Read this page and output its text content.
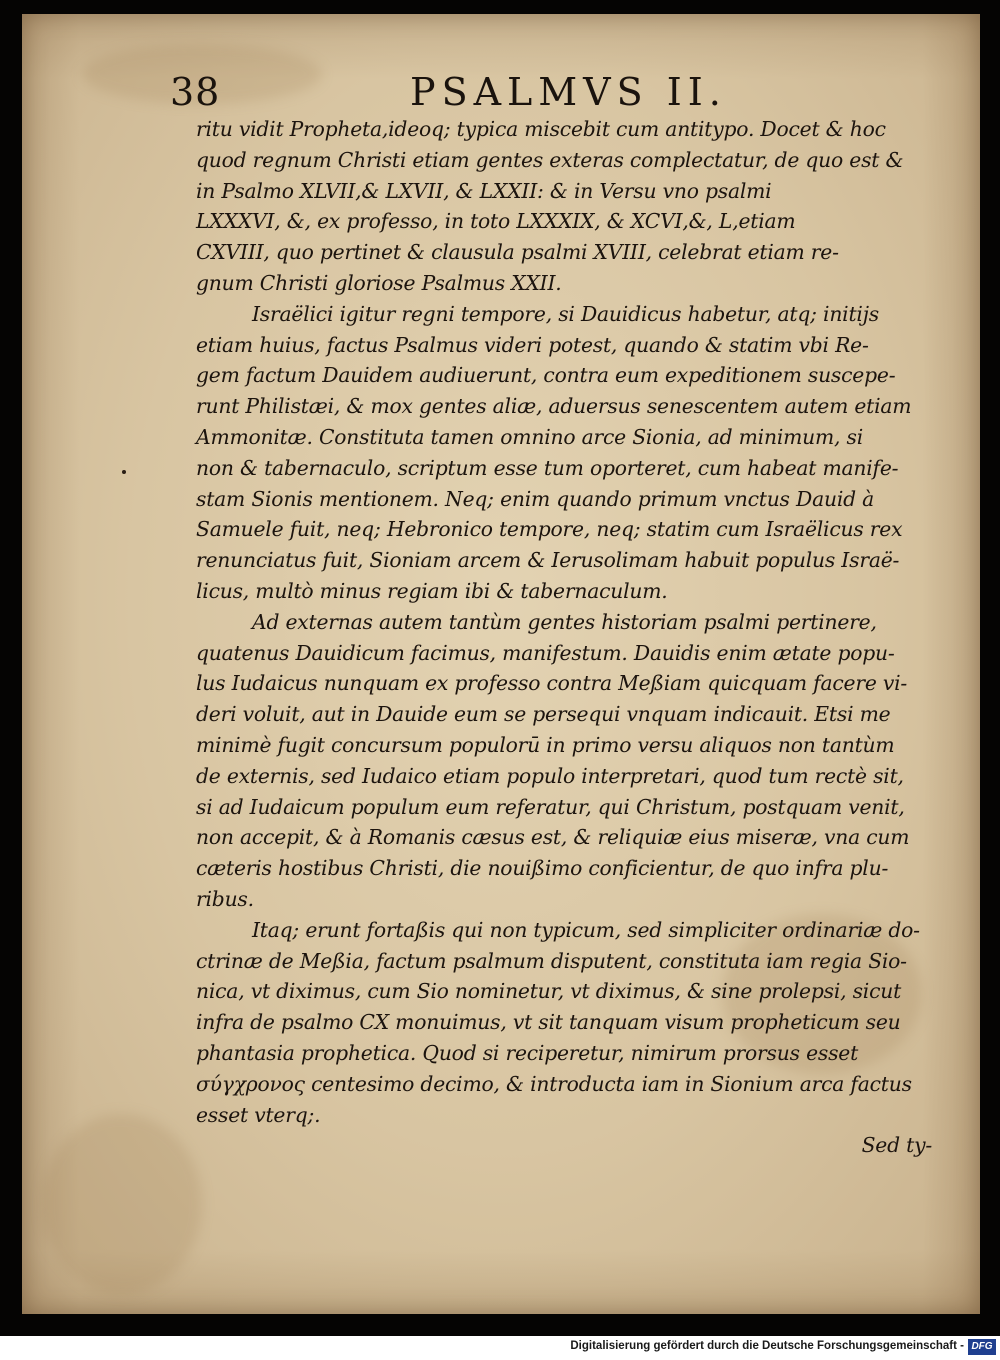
38	PSALMVS II.
ritu vidit Propheta,ideoq; typica miscebit cum antitypo. Docet & hoc
quod regnum Christi etiam gentes exteras complectatur, de quo est &
in Psalmo XLVII,& LXVII, & LXXII: & in Versu vno psalmi
LXXXVI, &, ex professo, in toto LXXXIX, & XCVI,&, L,etiam
CXVIII, quo pertinet & clausula psalmi XVIII, celebrat etiam re-
gnum Christi gloriose Psalmus XXII.
Israëlici igitur regni tempore, si Dauidicus habetur, atq; initijs
etiam huius, factus Psalmus videri potest, quando & statim vbi Re-
gem factum Dauidem audiuerunt, contra eum expeditionem suscepe-
runt Philistæi, & mox gentes aliæ, aduersus senescentem autem etiam
Ammonitæ. Constituta tamen omnino arce Sionia, ad minimum, si
non & tabernaculo, scriptum esse tum oporteret, cum habeat manife-
stam Sionis mentionem. Neq; enim quando primum vnctus Dauid à
Samuele fuit, neq; Hebronico tempore, neq; statim cum Israëlicus rex
renunciatus fuit, Sioniam arcem & Ierusolimam habuit populus Israë-
licus, multò minus regiam ibi & tabernaculum.
Ad externas autem tantùm gentes historiam psalmi pertinere,
quatenus Dauidicum facimus, manifestum. Dauidis enim ætate popu-
lus Iudaicus nunquam ex professo contra Meßiam quicquam facere vi-
deri voluit, aut in Dauide eum se persequi vnquam indicauit. Etsi me
minimè fugit concursum populorū in primo versu aliquos non tantùm
de externis, sed Iudaico etiam populo interpretari, quod tum rectè sit,
si ad Iudaicum populum eum referatur, qui Christum, postquam venit,
non accepit, & à Romanis cæsus est, & reliquiæ eius miseræ, vna cum
cæteris hostibus Christi, die nouißimo conficientur, de quo infra plu-
ribus.
Itaq; erunt fortaßis qui non typicum, sed simpliciter ordinariæ do-
ctrinæ de Meßia, factum psalmum disputent, constituta iam regia Sio-
nica, vt diximus, cum Sio nominetur, vt diximus, & sine prolepsi, sicut
infra de psalmo CX monuimus, vt sit tanquam visum propheticum seu
phantasia prophetica. Quod si reciperetur, nimirum prorsus esset
σύγχρονος centesimo decimo, & introducta iam in Sionium arca factus
esset vterq;.
Sed ty-
Digitalisierung gefördert durch die Deutsche Forschungsgemeinschaft - DFG
